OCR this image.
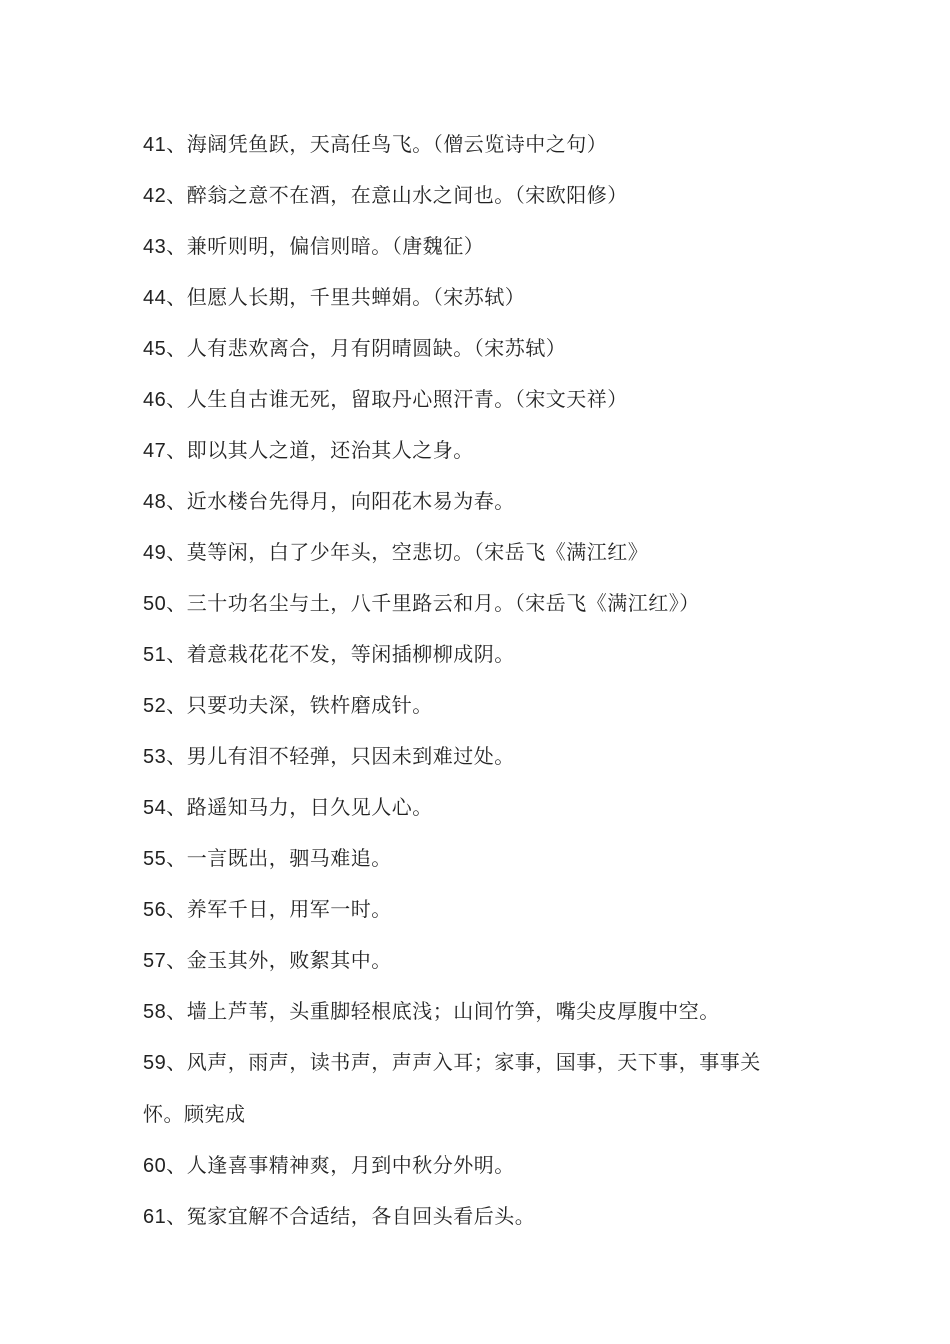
41、海阔凭鱼跃，天高任鸟飞。（僧云览诗中之句）
42、醉翁之意不在酒，在意山水之间也。（宋欧阳修）
43、兼听则明，偏信则暗。（唐魏征）
44、但愿人长期，千里共蝉娟。（宋苏轼）
45、人有悲欢离合，月有阴晴圆缺。（宋苏轼）
46、人生自古谁无死，留取丹心照汗青。（宋文天祥）
47、即以其人之道，还治其人之身。
48、近水楼台先得月，向阳花木易为春。
49、莫等闲，白了少年头，空悲切。（宋岳飞《满江红》
50、三十功名尘与土，八千里路云和月。（宋岳飞《满江红》）
51、着意栽花花不发，等闲插柳柳成阴。
52、只要功夫深，铁杵磨成针。
53、男儿有泪不轻弹，只因未到难过处。
54、路遥知马力，日久见人心。
55、一言既出，驷马难追。
56、养军千日，用军一时。
57、金玉其外，败絮其中。
58、墙上芦苇，头重脚轻根底浅；山间竹笋，嘴尖皮厚腹中空。
59、风声，雨声，读书声，声声入耳；家事，国事，天下事，事事关
怀。顾宪成
60、人逢喜事精神爽，月到中秋分外明。
61、冤家宜解不合适结，各自回头看后头。
